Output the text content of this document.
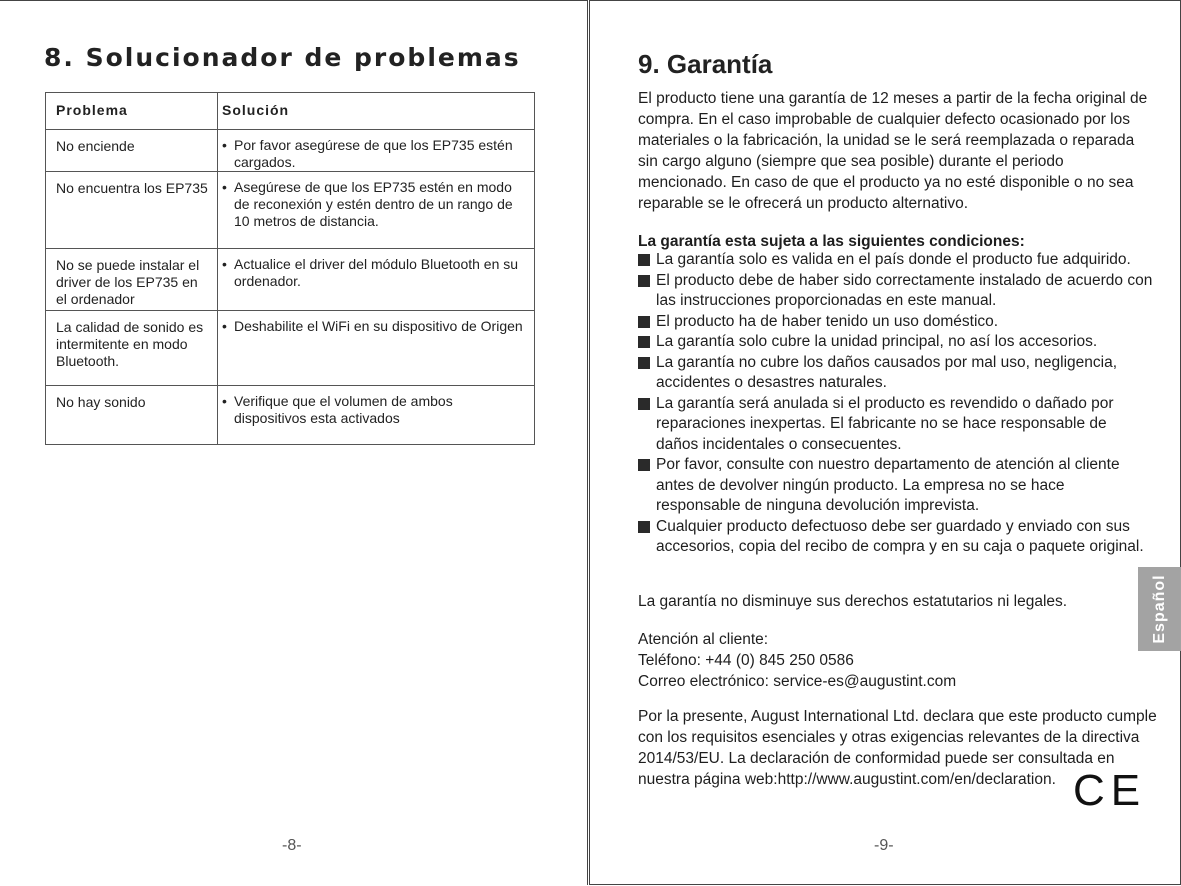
8. Solucionador de problemas
Problema	Solución

No enciende	• Por favor asegúrese de que los EP735 estén cargados.

No encuentra los EP735	• Asegúrese de que los EP735 estén en modo de reconexión y estén dentro de un rango de 10 metros de distancia.

No se puede instalar el driver de los EP735 en el ordenador	• Actualice el driver del módulo Bluetooth en su ordenador.

La calidad de sonido es intermitente en modo Bluetooth.	• Deshabilite el WiFi en su dispositivo de Origen

No hay sonido	• Verifique que el volumen de ambos dispositivos esta activados
-8-
9. Garantía

El producto tiene una garantía de 12 meses a partir de la fecha original de compra. En el caso improbable de cualquier defecto ocasionado por los materiales o la fabricación, la unidad se le será reemplazada o reparada sin cargo alguno (siempre que sea posible) durante el periodo mencionado. En caso de que el producto ya no esté disponible o no sea reparable se le ofrecerá un producto alternativo.

La garantía esta sujeta a las siguientes condiciones:

La garantía solo es valida en el país donde el producto fue adquirido.
El producto debe de haber sido correctamente instalado de acuerdo con las instrucciones proporcionadas en este manual.
El producto ha de haber tenido un uso doméstico.
La garantía solo cubre la unidad principal, no así los accesorios.
La garantía no cubre los daños causados por mal uso, negligencia, accidentes o desastres naturales.
La garantía será anulada si el producto es revendido o dañado por reparaciones inexpertas. El fabricante no se hace responsable de daños incidentales o consecuentes.
Por favor, consulte con nuestro departamento de atención al cliente antes de devolver ningún producto. La empresa no se hace responsable de ninguna devolución imprevista.
Cualquier producto defectuoso debe ser guardado y enviado con sus accesorios, copia del recibo de compra y en su caja o paquete original.

La garantía no disminuye sus derechos estatutarios ni legales.

Atención al cliente:
Teléfono: +44 (0) 845 250 0586
Correo electrónico: service-es@augustint.com

Por la presente, August International Ltd. declara que este producto cumple con los requisitos esenciales y otras exigencias relevantes de la directiva 2014/53/EU. La declaración de conformidad puede ser consultada en nuestra página web:http://www.augustint.com/en/declaration. CE
-9-
Español
